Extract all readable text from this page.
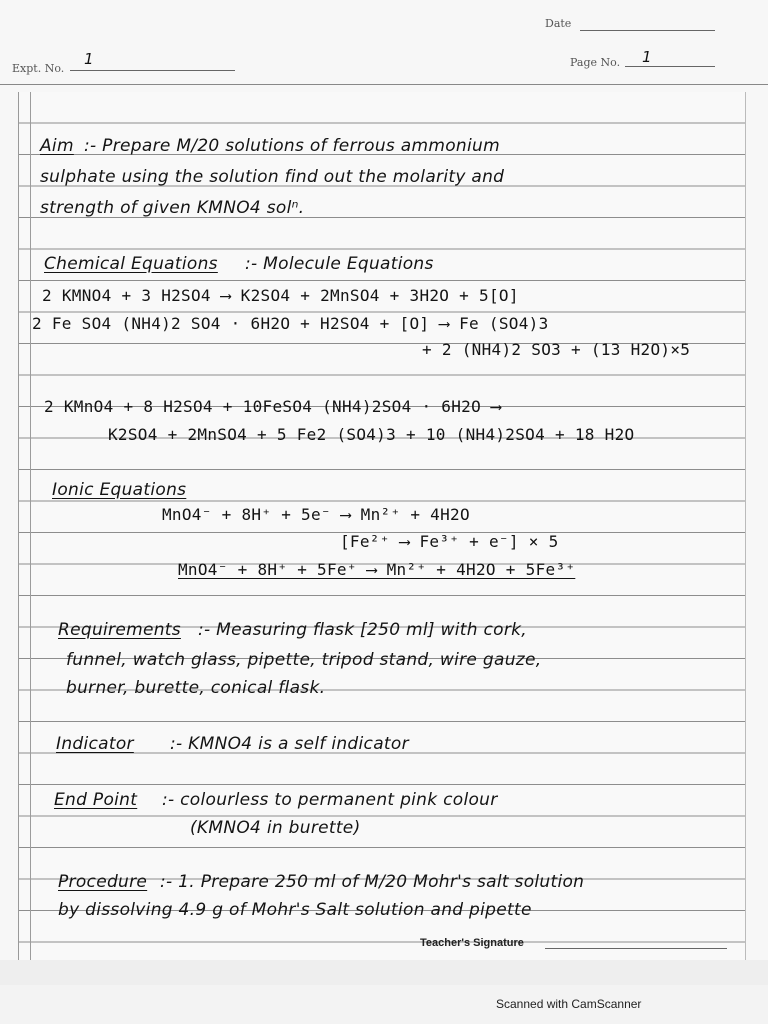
Date
Expt. No.
1	Page No. 1
Aim :- Prepare M/20 solutions of ferrous ammonium
sulphate using the solution find out the molarity and
strength of given KMNO4 solⁿ.
Chemical Equations :- Molecule Equations
2 KMNO4 + 3 H2SO4 ⟶ K2SO4 + 2MnSO4 + 3H2O + 5[O]
2 Fe SO4 (NH4)2 SO4 · 6H2O + H2SO4 + [O] ⟶ Fe (SO4)3
+ 2 (NH4)2 SO3 + (13 H2O)×5
2 KMnO4 + 8 H2SO4 + 10FeSO4 (NH4)2SO4 · 6H2O ⟶
K2SO4 + 2MnSO4 + 5 Fe2 (SO4)3 + 10 (NH4)2SO4 + 18 H2O
Ionic Equations
MnO4⁻ + 8H⁺ + 5e⁻ ⟶ Mn²⁺ + 4H2O
[Fe²⁺ ⟶ Fe³⁺ + e⁻] × 5
MnO4⁻ + 8H⁺ + 5Fe⁺ ⟶ Mn²⁺ + 4H2O + 5Fe³⁺
Requirements :- Measuring flask [250 ml] with cork,
funnel, watch glass, pipette, tripod stand, wire gauze,
burner, burette, conical flask.
Indicator :- KMNO4 is a self indicator
End Point :- colourless to permanent pink colour
(KMNO4 in burette)
Procedure :- 1. Prepare 250 ml of M/20 Mohr's salt solution
by dissolving 4.9 g of Mohr's Salt solution and pipette
Teacher's Signature
Scanned with CamScanner
